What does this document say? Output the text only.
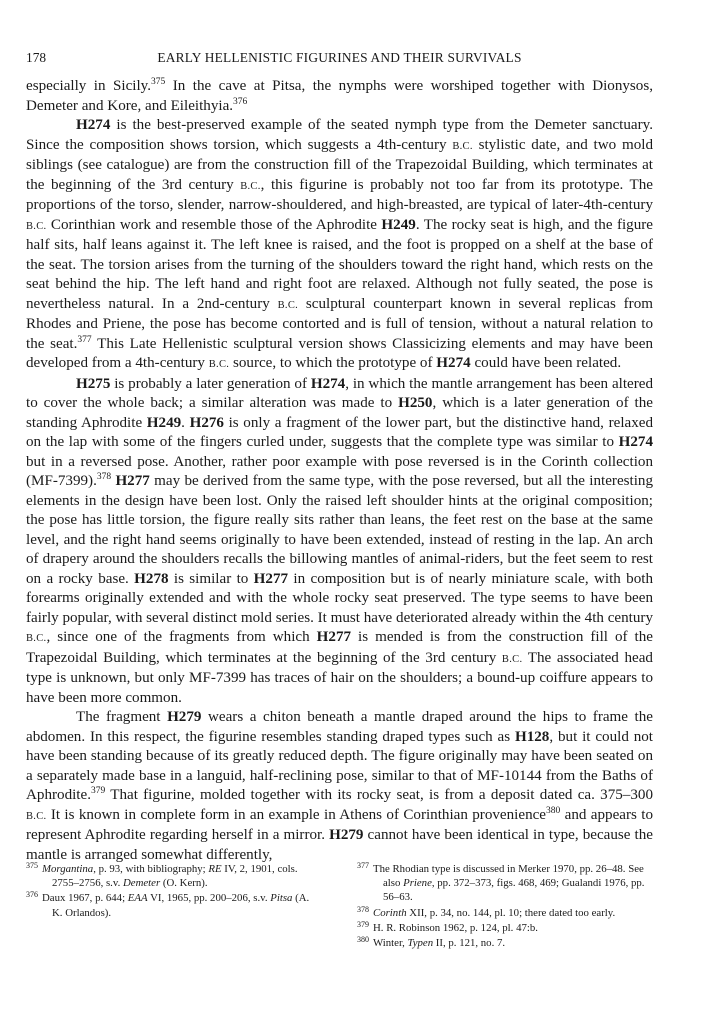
178	EARLY HELLENISTIC FIGURINES AND THEIR SURVIVALS

especially in Sicily.$^{375}$ In the cave at Pitsa, the nymphs were worshiped together with Dionysos, Demeter and Kore, and Eileithyia.$^{376}$

H274 is the best-preserved example of the seated nymph type from the Demeter sanctuary. Since the composition shows torsion, which suggests a 4th-century B.C. stylistic date, and two mold siblings (see catalogue) are from the construction fill of the Trapezoidal Building, which terminates at the beginning of the 3rd century B.C., this figurine is probably not too far from its prototype. The proportions of the torso, slender, narrow-shouldered, and high-breasted, are typical of later-4th-century B.C. Corinthian work and resemble those of the Aphrodite H249. The rocky seat is high, and the figure half sits, half leans against it. The left knee is raised, and the foot is propped on a shelf at the base of the seat. The torsion arises from the turning of the shoulders toward the right hand, which rests on the seat behind the hip. The left hand and right foot are relaxed. Although not fully seated, the pose is nevertheless natural. In a 2nd-century B.C. sculptural counterpart known in several replicas from Rhodes and Priene, the pose has become contorted and is full of tension, without a natural relation to the seat.$^{377}$ This Late Hellenistic sculptural version shows Classicizing elements and may have been developed from a 4th-century B.C. source, to which the prototype of H274 could have been related.

H275 is probably a later generation of H274, in which the mantle arrangement has been altered to cover the whole back; a similar alteration was made to H250, which is a later generation of the standing Aphrodite H249. H276 is only a fragment of the lower part, but the distinctive hand, relaxed on the lap with some of the fingers curled under, suggests that the complete type was similar to H274 but in a reversed pose. Another, rather poor example with pose reversed is in the Corinth collection (MF-7399).$^{378}$ H277 may be derived from the same type, with the pose reversed, but all the interesting elements in the design have been lost. Only the raised left shoulder hints at the original composition; the pose has little torsion, the figure really sits rather than leans, the feet rest on the base at the same level, and the right hand seems originally to have been extended, instead of resting in the lap. An arch of drapery around the shoulders recalls the billowing mantles of animal-riders, but the feet seem to rest on a rocky base. H278 is similar to H277 in composition but is of nearly miniature scale, with both forearms originally extended and with the whole rocky seat preserved. The type seems to have been fairly popular, with several distinct mold series. It must have deteriorated already within the 4th century B.C., since one of the fragments from which H277 is mended is from the construction fill of the Trapezoidal Building, which terminates at the beginning of the 3rd century B.C. The associated head type is unknown, but only MF-7399 has traces of hair on the shoulders; a bound-up coiffure appears to have been more common.

The fragment H279 wears a chiton beneath a mantle draped around the hips to frame the abdomen. In this respect, the figurine resembles standing draped types such as H128, but it could not have been standing because of its greatly reduced depth. The figure originally may have been seated on a separately made base in a languid, half-reclining pose, similar to that of MF-10144 from the Baths of Aphrodite.$^{379}$ That figurine, molded together with its rocky seat, is from a deposit dated ca. 375–300 B.C. It is known in complete form in an example in Athens of Corinthian provenience$^{380}$ and appears to represent Aphrodite regarding herself in a mirror. H279 cannot have been identical in type, because the mantle is arranged somewhat differently,

375 Morgantina, p. 93, with bibliography; RE IV, 2, 1901, cols. 2755–2756, s.v. Demeter (O. Kern).
376 Daux 1967, p. 644; EAA VI, 1965, pp. 200–206, s.v. Pitsa (A. K. Orlandos).
377 The Rhodian type is discussed in Merker 1970, pp. 26–48. See also Priene, pp. 372–373, figs. 468, 469; Gualandi 1976, pp. 56–63.
378 Corinth XII, p. 34, no. 144, pl. 10; there dated too early.
379 H. R. Robinson 1962, p. 124, pl. 47:b.
380 Winter, Typen II, p. 121, no. 7.
